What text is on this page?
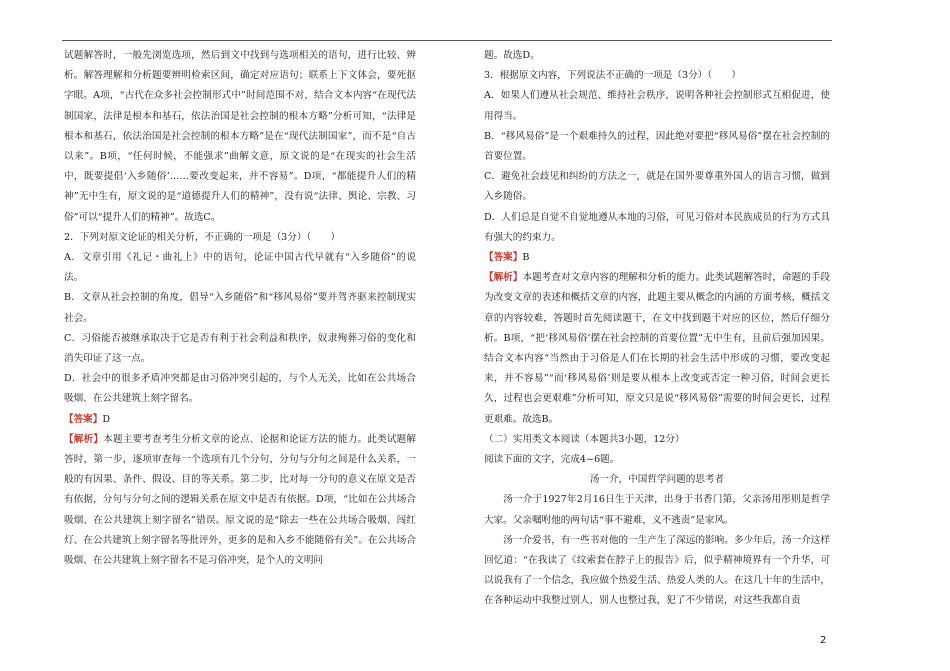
试题解答时，一般先浏览选项，然后到文中找到与选项相关的语句，进行比较、辨析。解答理解和分析题要辨明检索区间，确定对应语句；联系上下文体会，要死抠字眼。A项，“古代在众多社会控制形式中”时间范围不对，结合文本内容“在现代法制国家，法律是根本和基石，依法治国是社会控制的根本方略”分析可知，“法律是根本和基石，依法治国是社会控制的根本方略”是在“现代法制国家”，而不是“自古以来”。B项，“任何时候，不能强求”曲解文意，原文说的是“在现实的社会生活中，既要提倡‘入乡随俗’……要改变起来，并不容易”。D项，“都能提升人们的精神”无中生有，原文说的是“道德提升人们的精神”，没有说“法律、舆论、宗教、习俗”可以“提升人们的精神”。故选C。

2．下列对原文论证的相关分析，不正确的一项是（3分）（　　）

A．文章引用《礼记・曲礼上》中的语句，论证中国古代早就有“入乡随俗”的说法。

B．文章从社会控制的角度，倡导“入乡随俗”和“移风易俗”要并驾齐驱来控制现实社会。

C．习俗能否被继承取决于它是否有利于社会利益和秩序，奴隶殉葬习俗的变化和消失印证了这一点。

D．社会中的很多矛盾冲突都是由习俗冲突引起的，与个人无关，比如在公共场合吸烟、在公共建筑上刻字留名。

【答案】D

【解析】本题主要考查考生分析文章的论点、论据和论证方法的能力。此类试题解答时，第一步，逐项审查每一个选项有几个分句，分句与分句之间是什么关系，一般的有因果、条件、假设、目的等关系。第二步，比对每一分句的意义在原文是否有依据，分句与分句之间的逻辑关系在原文中是否有依据。D项，“比如在公共场合吸烟、在公共建筑上刻字留名”错误。原文说的是“除去一些在公共场合吸烟、闯红灯、在公共建筑上刻字留名等批评外，更多的是和入乡不能随俗有关”。在公共场合吸烟、在公共建筑上刻字留名不是习俗冲突，是个人的文明问

题。故选D。

3．根据原文内容，下列说法不正确的一项是（3分）（　　）

A．如果人们遵从社会规范、维持社会秩序，说明各种社会控制形式互相促进，使用得当。

B．“移风易俗”是一个艰难持久的过程，因此绝对要把“移风易俗”摆在社会控制的首要位置。

C．避免社会歧见和纠纷的方法之一，就是在国外要尊重外国人的语言习惯，做到入乡随俗。

D．人们总是自觉不自觉地遵从本地的习俗，可见习俗对本民族成员的行为方式具有强大的约束力。

【答案】B

【解析】本题考查对文章内容的理解和分析的能力。此类试题解答时，命题的手段为改变文章的表述和概括文章的内容，此题主要从概念的内涵的方面考核，概括文章的内容较难，答题时首先阅读题干，在文中找到题干对应的区位，然后仔细分析。B项，“把‘移风易俗’摆在社会控制的首要位置”无中生有，且前后强加因果。结合文本内容“当然由于习俗是人们在长期的社会生活中形成的习惯，要改变起来，并不容易”“而‘移风易俗’则是要从根本上改变或否定一种习俗，时间会更长久，过程也会更艰难”分析可知，原文只是说“移风易俗”需要的时间会更长，过程更艰难。故选B。

（二）实用类文本阅读（本题共3小题，12分）

阅读下面的文字，完成4~6题。

汤一介，中国哲学问题的思考者

汤一介于1927年2月16日生于天津，出身于书香门第，父亲汤用彤则是哲学大家。父亲嘱咐他的两句话“事不避难，义不逃责”是家风。

汤一介爱书，有一些书对他的一生产生了深远的影响。多少年后，汤一介这样回忆道：“在我读了《纹索套在脖子上的报告》后，似乎精神境界有一个升华，可以说我有了一个信念，我应做个热爱生活、热爱人类的人。在这几十年的生活中，在各种运动中我整过别人，别人也整过我，犯了不少错误，对这些我都自责

2
